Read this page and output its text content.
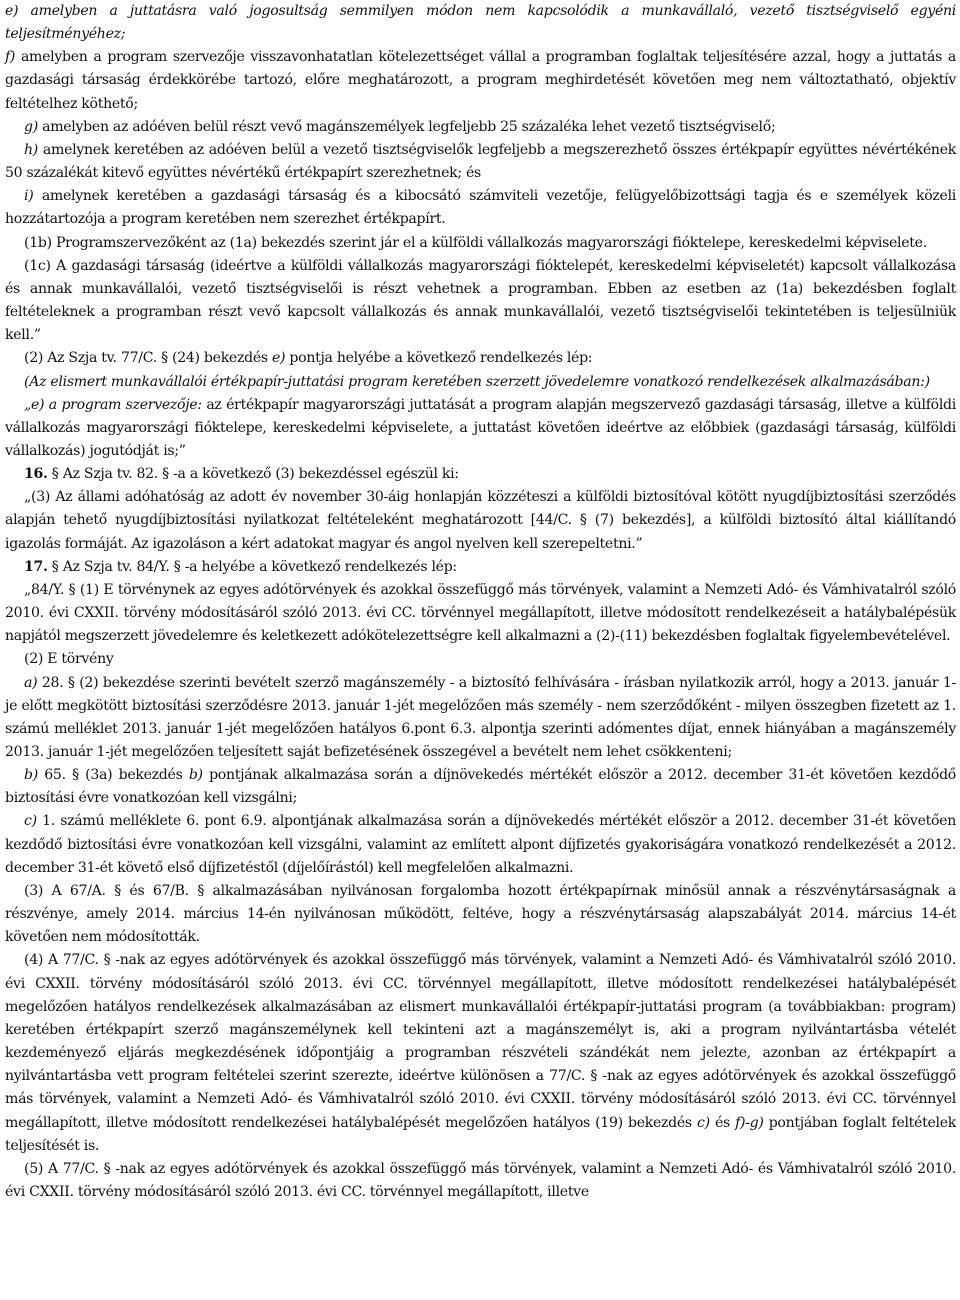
e) amelyben a juttatásra való jogosultság semmilyen módon nem kapcsolódik a munkavállaló, vezető tisztségviselő egyéni teljesítményéhez;

f) amelyben a program szervezője visszavonhatatlan kötelezettséget vállal a programban foglaltak teljesítésére azzal, hogy a juttatás a gazdasági társaság érdekkörébe tartozó, előre meghatározott, a program meghirdetését követően meg nem változtatható, objektív feltételhez köthető;

g) amelyben az adóéven belül részt vevő magánszemélyek legfeljebb 25 százaléka lehet vezető tisztségviselő;

h) amelynek keretében az adóéven belül a vezető tisztségviselők legfeljebb a megszerezhető összes értékpapír együttes névértékének 50 százalékát kitevő együttes névértékű értékpapírt szerezhetnek; és

i) amelynek keretében a gazdasági társaság és a kibocsátó számviteli vezetője, felügyelőbizottsági tagja és e személyek közeli hozzátartozója a program keretében nem szerezhet értékpapírt.

(1b) Programszervezőként az (1a) bekezdés szerint jár el a külföldi vállalkozás magyarországi fióktelepe, kereskedelmi képviselete.

(1c) A gazdasági társaság (ideértve a külföldi vállalkozás magyarországi fióktelepét, kereskedelmi képviseletét) kapcsolt vállalkozása és annak munkavállalói, vezető tisztségviselői is részt vehetnek a programban. Ebben az esetben az (1a) bekezdésben foglalt feltételeknek a programban részt vevő kapcsolt vállalkozás és annak munkavállalói, vezető tisztségviselői tekintetében is teljesülniük kell.”

(2) Az Szja tv. 77/C. § (24) bekezdés e) pontja helyébe a következő rendelkezés lép:

(Az elismert munkavállalói értékpapír-juttatási program keretében szerzett jövedelemre vonatkozó rendelkezések alkalmazásában:)

„e) a program szervezője: az értékpapír magyarországi juttatását a program alapján megszervező gazdasági társaság, illetve a külföldi vállalkozás magyarországi fióktelepe, kereskedelmi képviselete, a juttatást követően ideértve az előbbiek (gazdasági társaság, külföldi vállalkozás) jogutódját is;”

16. § Az Szja tv. 82. § -a a következő (3) bekezdéssel egészül ki:

„(3) Az állami adóhatóság az adott év november 30-áig honlapján közzéteszi a külföldi biztosítóval kötött nyugdíjbiztosítási szerződés alapján tehető nyugdíjbiztosítási nyilatkozat feltételeként meghatározott [44/C. § (7) bekezdés], a külföldi biztosító által kiállítandó igazolás formáját. Az igazoláson a kért adatokat magyar és angol nyelven kell szerepeltetni.”

17. § Az Szja tv. 84/Y. § -a helyébe a következő rendelkezés lép:

„84/Y. § (1) E törvénynek az egyes adótörvények és azokkal összefüggő más törvények, valamint a Nemzeti Adó- és Vámhivatalról szóló 2010. évi CXXII. törvény módosításáról szóló 2013. évi CC. törvénnyel megállapított, illetve módosított rendelkezéseit a hatálybalépésük napjától megszerzett jövedelemre és keletkezett adókötelezettségre kell alkalmazni a (2)-(11) bekezdésben foglaltak figyelembevételével.

(2) E törvény

a) 28. § (2) bekezdése szerinti bevételt szerző magánszemély - a biztosító felhívására - írásban nyilatkozik arról, hogy a 2013. január 1-je előtt megkötött biztosítási szerződésre 2013. január 1-jét megelőzően más személy - nem szerződőként - milyen összegben fizetett az 1. számú melléklet 2013. január 1-jét megelőzően hatályos 6.pont 6.3. alpontja szerinti adómentes díjat, ennek hiányában a magánszemély 2013. január 1-jét megelőzően teljesített saját befizetésének összegével a bevételt nem lehet csökkenteni;

b) 65. § (3a) bekezdés b) pontjának alkalmazása során a díjnövekedés mértékét először a 2012. december 31-ét követően kezdődő biztosítási évre vonatkozóan kell vizsgálni;

c) 1. számú melléklete 6. pont 6.9. alpontjának alkalmazása során a díjnövekedés mértékét először a 2012. december 31-ét követően kezdődő biztosítási évre vonatkozóan kell vizsgálni, valamint az említett alpont díjfizetés gyakoriságára vonatkozó rendelkezését a 2012. december 31-ét követő első díjfizetéstől (díjelőírástól) kell megfelelően alkalmazni.

(3) A 67/A. § és 67/B. § alkalmazásában nyilvánosan forgalomba hozott értékpapírnak minősül annak a részvénytársaságnak a részvénye, amely 2014. március 14-én nyilvánosan működött, feltéve, hogy a részvénytársaság alapszabályát 2014. március 14-ét követően nem módosították.

(4) A 77/C. § -nak az egyes adótörvények és azokkal összefüggő más törvények, valamint a Nemzeti Adó- és Vámhivatalról szóló 2010. évi CXXII. törvény módosításáról szóló 2013. évi CC. törvénnyel megállapított, illetve módosított rendelkezései hatálybalépését megelőzően hatályos rendelkezések alkalmazásában az elismert munkavállalói értékpapír-juttatási program (a továbbiakban: program) keretében értékpapírt szerző magánszemélynek kell tekinteni azt a magánszemélyt is, aki a program nyilvántartásba vételét kezdeményező eljárás megkezdésének időpontjáig a programban részvételi szándékát nem jelezte, azonban az értékpapírt a nyilvántartásba vett program feltételei szerint szerezte, ideértve különösen a 77/C. § -nak az egyes adótörvények és azokkal összefüggő más törvények, valamint a Nemzeti Adó- és Vámhivatalról szóló 2010. évi CXXII. törvény módosításáról szóló 2013. évi CC. törvénnyel megállapított, illetve módosított rendelkezései hatálybalépését megelőzően hatályos (19) bekezdés c) és f)-g) pontjában foglalt feltételek teljesítését is.

(5) A 77/C. § -nak az egyes adótörvények és azokkal összefüggő más törvények, valamint a Nemzeti Adó- és Vámhivatalról szóló 2010. évi CXXII. törvény módosításáról szóló 2013. évi CC. törvénnyel megállapított, illetve
